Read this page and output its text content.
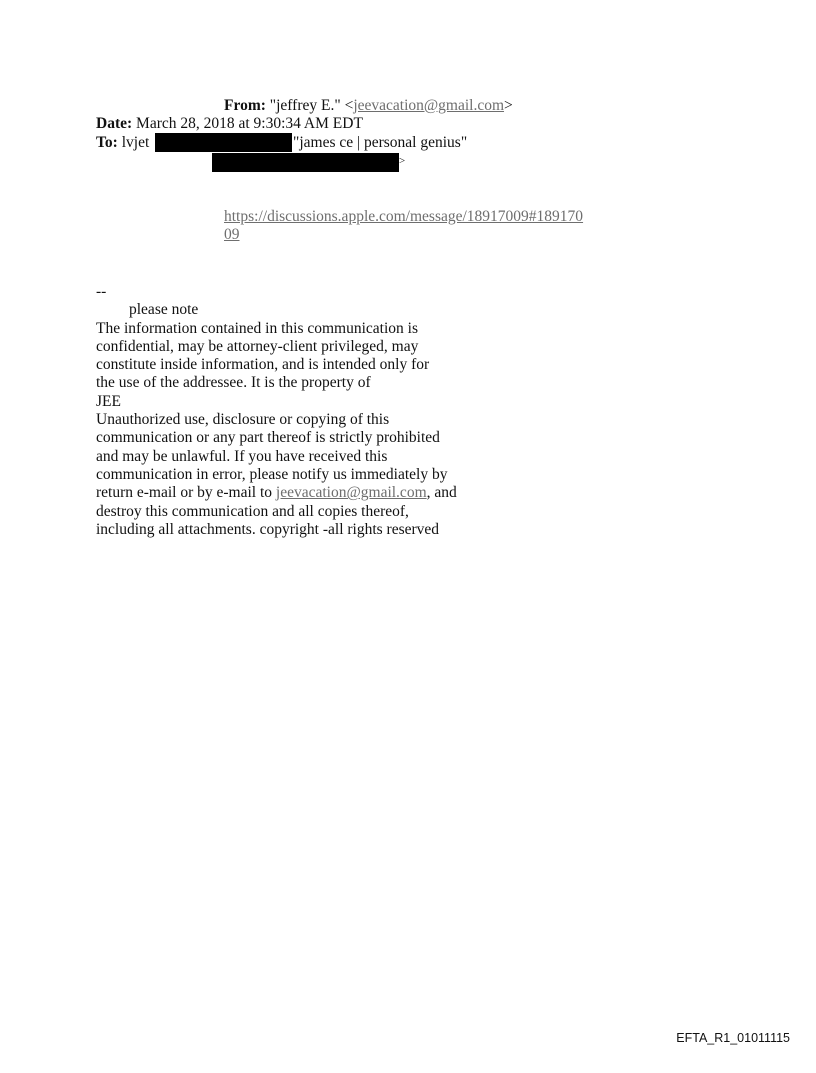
From: "jeffrey E." <jeevacation@gmail.com>
Date: March 28, 2018 at 9:30:34 AM EDT
To: lvjet	"james ce | personal genius"
>
https://discussions.apple.com/message/18917009#189170
09
--
please note
The information contained in this communication is
confidential, may be attorney-client privileged, may
constitute inside information, and is intended only for
the use of the addressee. It is the property of
JEE
Unauthorized use, disclosure or copying of this
communication or any part thereof is strictly prohibited
and may be unlawful. If you have received this
communication in error, please notify us immediately by
return e-mail or by e-mail to jeevacation@gmail.com, and
destroy this communication and all copies thereof,
including all attachments. copyright -all rights reserved
EFTA_R1_01011115
